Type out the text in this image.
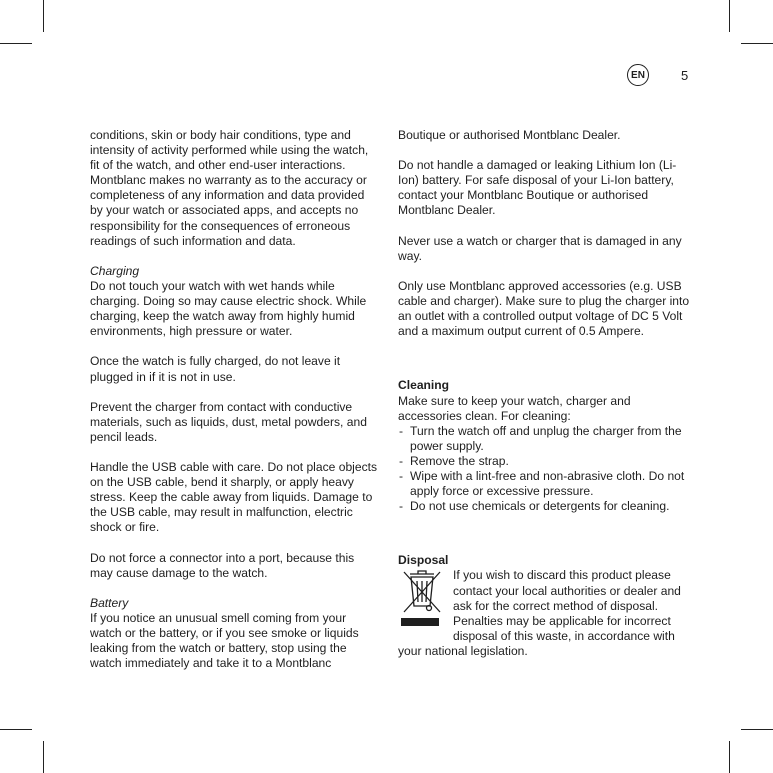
EN	5

conditions, skin or body hair conditions, type and intensity of activity performed while using the watch, fit of the watch, and other end-user interactions. Montblanc makes no warranty as to the accuracy or completeness of any information and data provided by your watch or associated apps, and accepts no responsibility for the consequences of erroneous readings of such information and data.

Charging

Do not touch your watch with wet hands while charging. Doing so may cause electric shock. While charging, keep the watch away from highly humid environments, high pressure or water.

Once the watch is fully charged, do not leave it plugged in if it is not in use.

Prevent the charger from contact with conductive materials, such as liquids, dust, metal powders, and pencil leads.

Handle the USB cable with care. Do not place objects on the USB cable, bend it sharply, or apply heavy stress. Keep the cable away from liquids. Damage to the USB cable, may result in malfunction, electric shock or fire.

Do not force a connector into a port, because this may cause damage to the watch.

Battery

If you notice an unusual smell coming from your watch or the battery, or if you see smoke or liquids leaking from the watch or battery, stop using the watch immediately and take it to a Montblanc

Boutique or authorised Montblanc Dealer.

Do not handle a damaged or leaking Lithium Ion (Li-Ion) battery. For safe disposal of your Li-Ion battery, contact your Montblanc Boutique or authorised Montblanc Dealer.

Never use a watch or charger that is damaged in any way.

Only use Montblanc approved accessories (e.g. USB cable and charger). Make sure to plug the charger into an outlet with a controlled output voltage of DC 5 Volt and a maximum output current of 0.5 Ampere.

Cleaning

Make sure to keep your watch, charger and accessories clean. For cleaning:

- Turn the watch off and unplug the charger from the power supply.
- Remove the strap.
- Wipe with a lint-free and non-abrasive cloth. Do not apply force or excessive pressure.
- Do not use chemicals or detergents for cleaning.

Disposal

If you wish to discard this product please contact your local authorities or dealer and ask for the correct method of disposal. Penalties may be applicable for incorrect disposal of this waste, in accordance with your national legislation.
